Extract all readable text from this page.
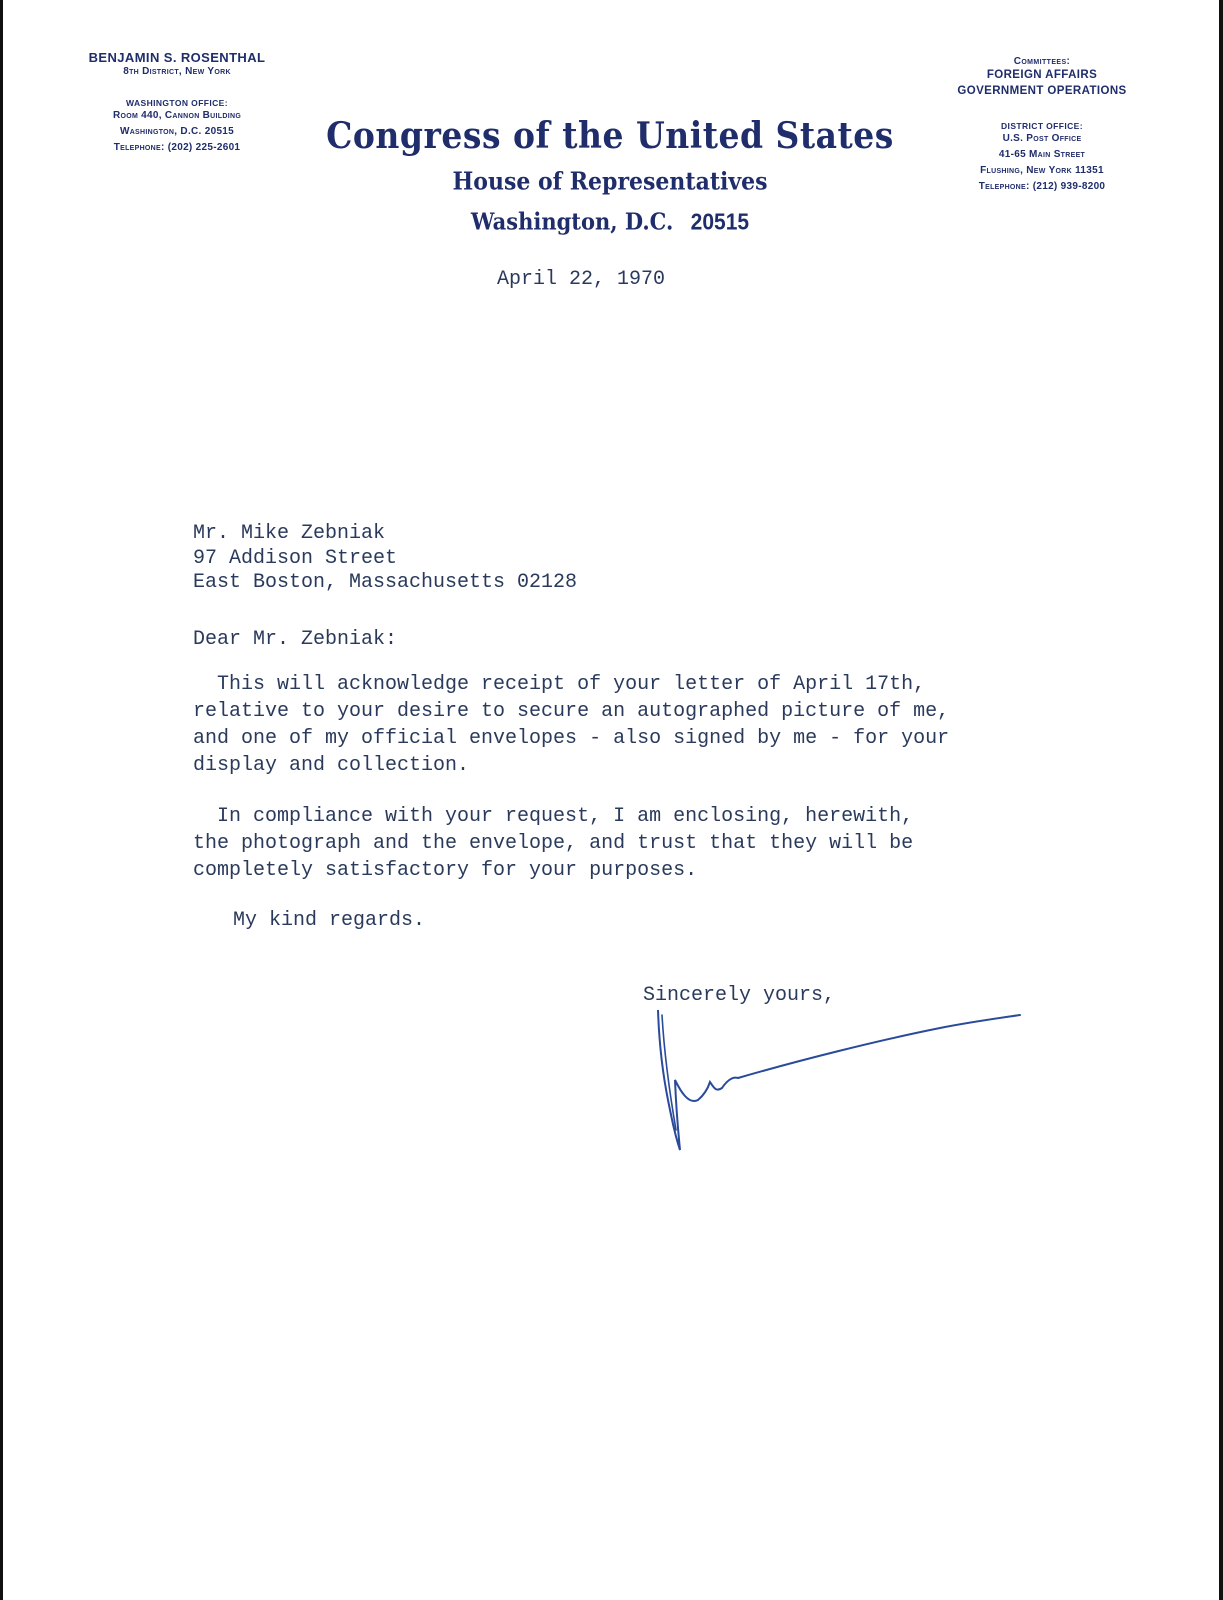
BENJAMIN S. ROSENTHAL
8th District, New York
WASHINGTON OFFICE:
Room 440, Cannon Building
Washington, D.C. 20515
Telephone: (202) 225-2601	Congress of the United States
House of Representatives
Washington, D.C. 20515
Committees:
FOREIGN AFFAIRS
GOVERNMENT OPERATIONS
DISTRICT OFFICE:
U.S. Post Office
41-65 Main Street
Flushing, New York 11351
Telephone: (212) 939-8200
April 22, 1970
Mr. Mike Zebniak
97 Addison Street
East Boston, Massachusetts 02128
Dear Mr. Zebniak:
This will acknowledge receipt of your letter of April 17th,
relative to your desire to secure an autographed picture of me,
and one of my official envelopes - also signed by me - for your
display and collection.
In compliance with your request, I am enclosing, herewith,
the photograph and the envelope, and trust that they will be
completely satisfactory for your purposes.
My kind regards.
Sincerely yours,
